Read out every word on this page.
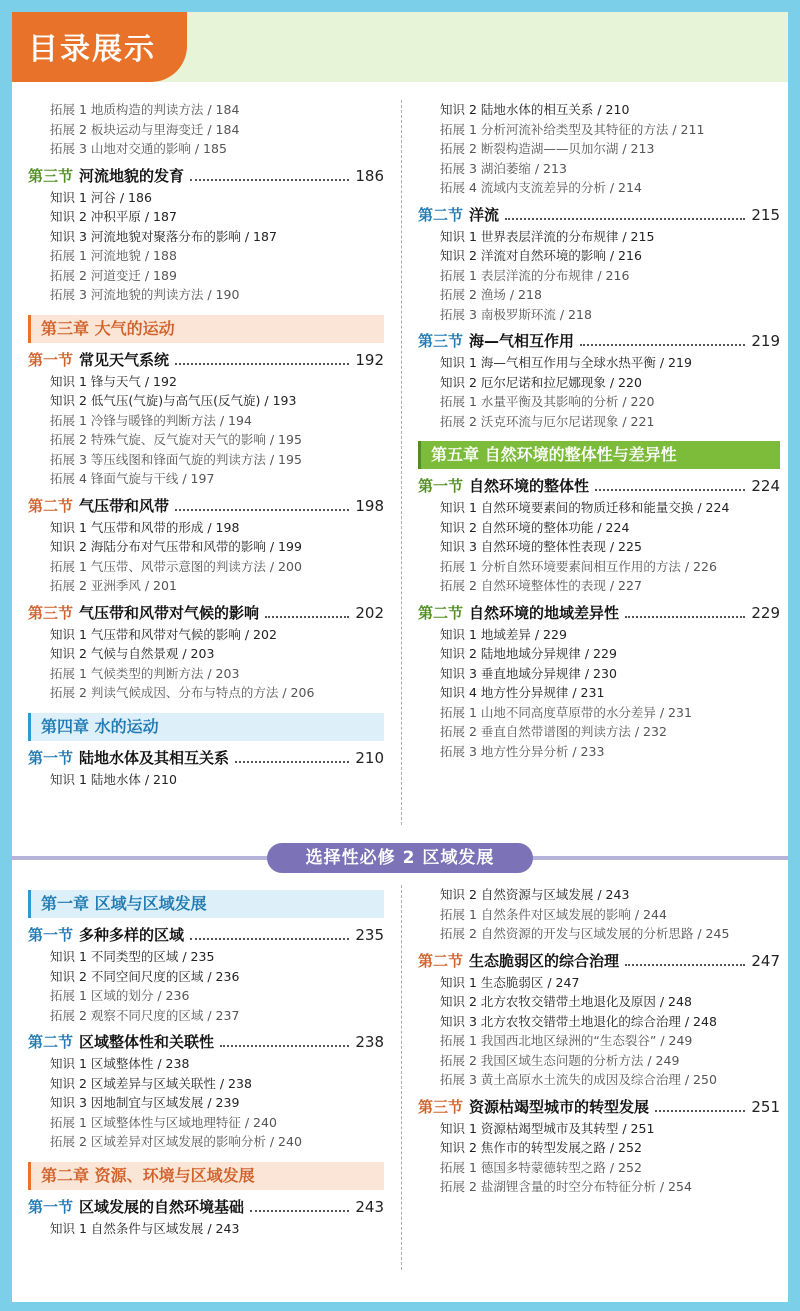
目录展示
拓展 1 地质构造的判读方法 / 184
拓展 2 板块运动与里海变迁 / 184
拓展 3 山地对交通的影响 / 185
第三节 河流地貌的发育	186
知识 1 河谷 / 186
知识 2 冲积平原 / 187
知识 3 河流地貌对聚落分布的影响 / 187
拓展 1 河流地貌 / 188
拓展 2 河道变迁 / 189
拓展 3 河流地貌的判读方法 / 190
第三章 大气的运动
第一节 常见天气系统	192
知识 1 锋与天气 / 192
知识 2 低气压(气旋)与高气压(反气旋) / 193
拓展 1 冷锋与暖锋的判断方法 / 194
拓展 2 特殊气旋、反气旋对天气的影响 / 195
拓展 3 等压线图和锋面气旋的判读方法 / 195
拓展 4 锋面气旋与干线 / 197
第二节 气压带和风带	198
知识 1 气压带和风带的形成 / 198
知识 2 海陆分布对气压带和风带的影响 / 199
拓展 1 气压带、风带示意图的判读方法 / 200
拓展 2 亚洲季风 / 201
第三节 气压带和风带对气候的影响	202
知识 1 气压带和风带对气候的影响 / 202
知识 2 气候与自然景观 / 203
拓展 1 气候类型的判断方法 / 203
拓展 2 判读气候成因、分布与特点的方法 / 206
第四章 水的运动
第一节 陆地水体及其相互关系	210
知识 1 陆地水体 / 210
知识 2 陆地水体的相互关系 / 210
拓展 1 分析河流补给类型及其特征的方法 / 211
拓展 2 断裂构造湖——贝加尔湖 / 213
拓展 3 湖泊萎缩 / 213
拓展 4 流域内支流差异的分析 / 214
第二节 洋流	215
知识 1 世界表层洋流的分布规律 / 215
知识 2 洋流对自然环境的影响 / 216
拓展 1 表层洋流的分布规律 / 216
拓展 2 渔场 / 218
拓展 3 南极罗斯环流 / 218
第三节 海—气相互作用	219
知识 1 海—气相互作用与全球水热平衡 / 219
知识 2 厄尔尼诺和拉尼娜现象 / 220
拓展 1 水量平衡及其影响的分析 / 220
拓展 2 沃克环流与厄尔尼诺现象 / 221
第五章 自然环境的整体性与差异性
第一节 自然环境的整体性	224
知识 1 自然环境要素间的物质迁移和能量交换 / 224
知识 2 自然环境的整体功能 / 224
知识 3 自然环境的整体性表现 / 225
拓展 1 分析自然环境要素间相互作用的方法 / 226
拓展 2 自然环境整体性的表现 / 227
第二节 自然环境的地域差异性	229
知识 1 地域差异 / 229
知识 2 陆地地域分异规律 / 229
知识 3 垂直地域分异规律 / 230
知识 4 地方性分异规律 / 231
拓展 1 山地不同高度草原带的水分差异 / 231
拓展 2 垂直自然带谱图的判读方法 / 232
拓展 3 地方性分异分析 / 233
选择性必修 2 区域发展
第一章 区域与区域发展
第一节 多种多样的区域	235
知识 1 不同类型的区域 / 235
知识 2 不同空间尺度的区域 / 236
拓展 1 区域的划分 / 236
拓展 2 观察不同尺度的区域 / 237
第二节 区域整体性和关联性	238
知识 1 区域整体性 / 238
知识 2 区域差异与区域关联性 / 238
知识 3 因地制宜与区域发展 / 239
拓展 1 区域整体性与区域地理特征 / 240
拓展 2 区域差异对区域发展的影响分析 / 240
第二章 资源、环境与区域发展
第一节 区域发展的自然环境基础	243
知识 1 自然条件与区域发展 / 243
知识 2 自然资源与区域发展 / 243
拓展 1 自然条件对区域发展的影响 / 244
拓展 2 自然资源的开发与区域发展的分析思路 / 245
第二节 生态脆弱区的综合治理	247
知识 1 生态脆弱区 / 247
知识 2 北方农牧交错带土地退化及原因 / 248
知识 3 北方农牧交错带土地退化的综合治理 / 248
拓展 1 我国西北地区绿洲的“生态裂谷” / 249
拓展 2 我国区域生态问题的分析方法 / 249
拓展 3 黄土高原水土流失的成因及综合治理 / 250
第三节 资源枯竭型城市的转型发展	251
知识 1 资源枯竭型城市及其转型 / 251
知识 2 焦作市的转型发展之路 / 252
拓展 1 德国多特蒙德转型之路 / 252
拓展 2 盐湖锂含量的时空分布特征分析 / 254
